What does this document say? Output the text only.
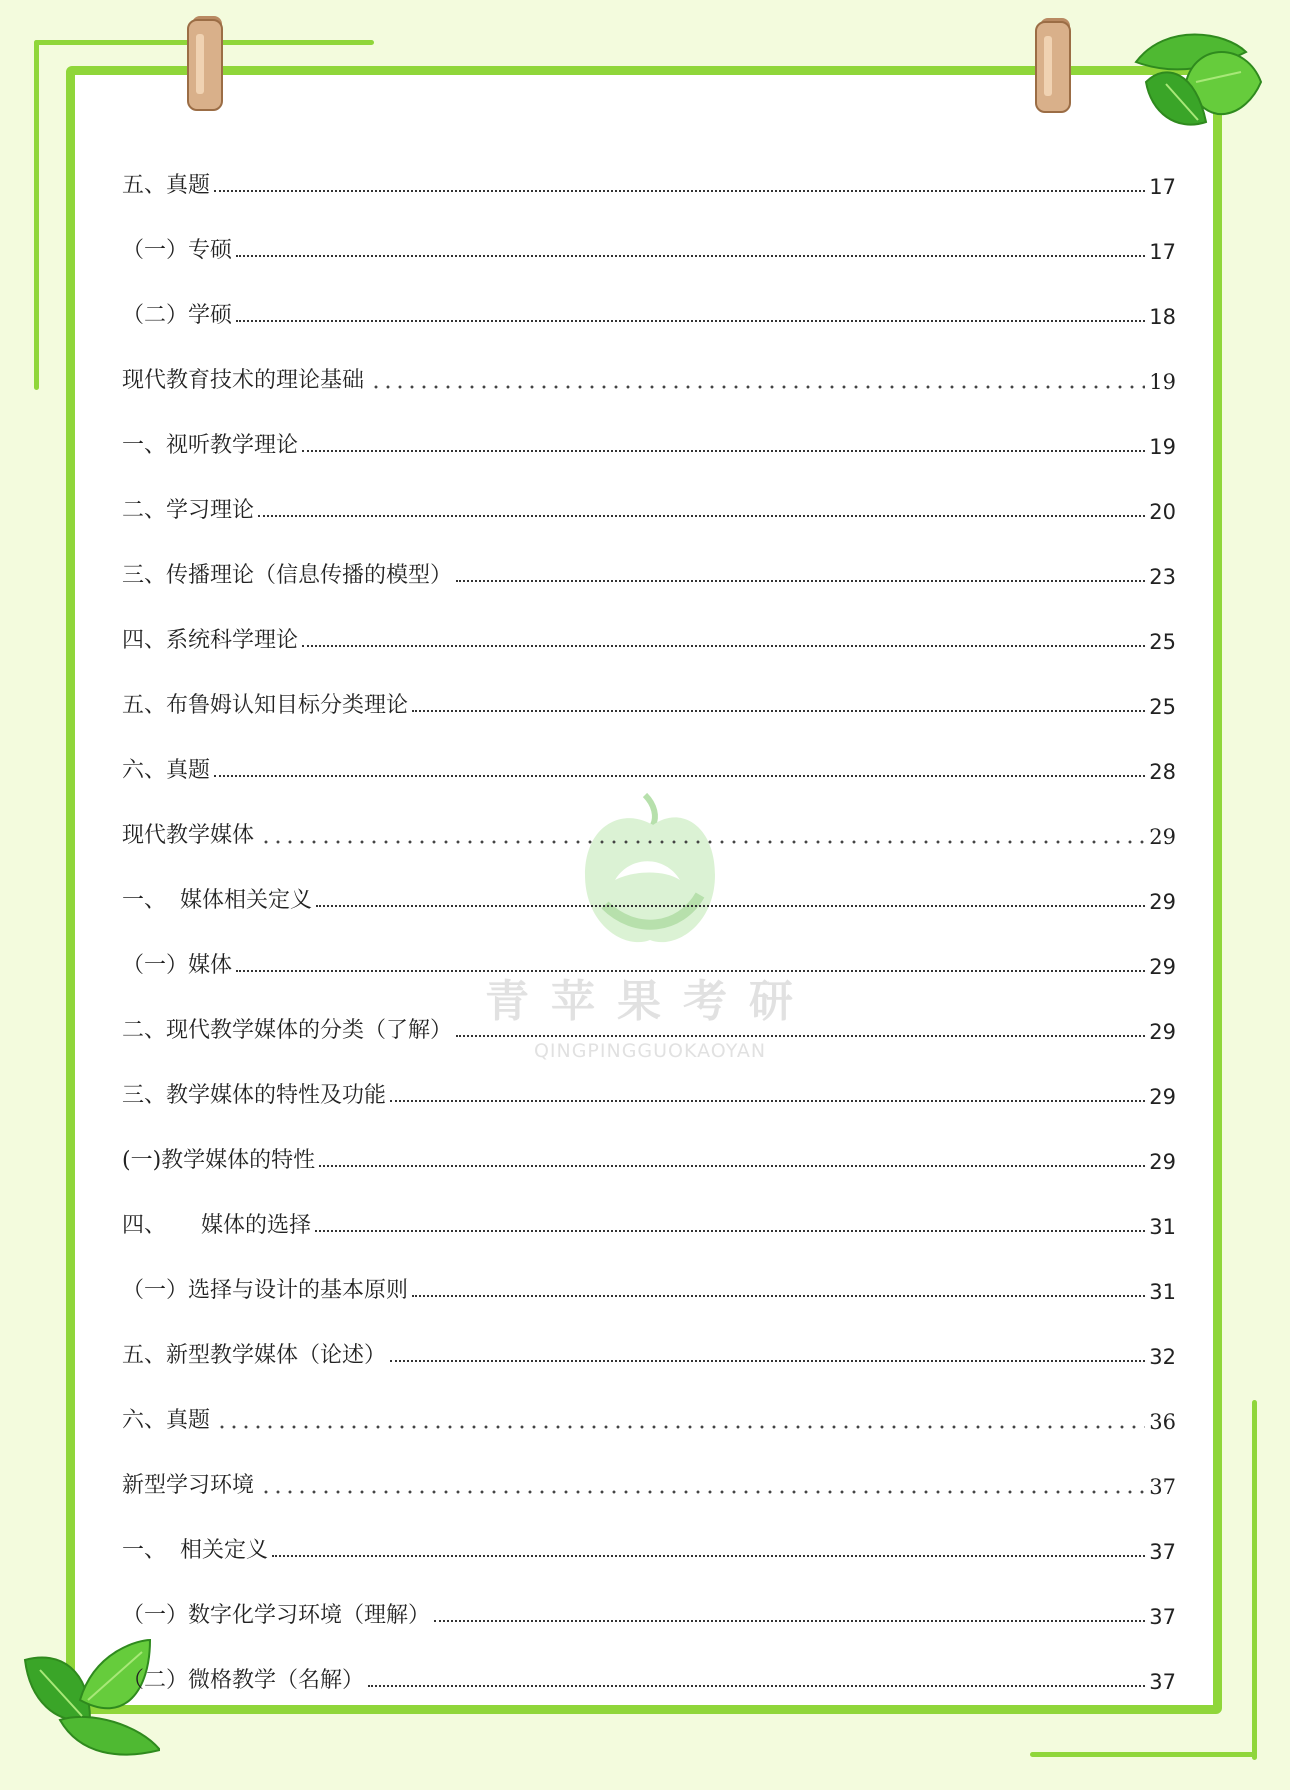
青苹果考研
QINGPINGGUOKAOYAN
五、真题	17
（一）专硕	17
（二）学硕	18
现代教育技术的理论基础	19
一、视听教学理论	19
二、学习理论	20
三、传播理论（信息传播的模型）	23
四、系统科学理论	25
五、布鲁姆认知目标分类理论	25
六、真题	28
现代教学媒体	29
一、  媒体相关定义	29
（一）媒体	29
二、现代教学媒体的分类（了解）	29
三、教学媒体的特性及功能	29
(一)教学媒体的特性	29
四、     媒体的选择	31
（一）选择与设计的基本原则	31
五、新型教学媒体（论述）	32
六、真题	36
新型学习环境	37
一、  相关定义	37
（一）数字化学习环境（理解）	37
（二）微格教学（名解）	37
